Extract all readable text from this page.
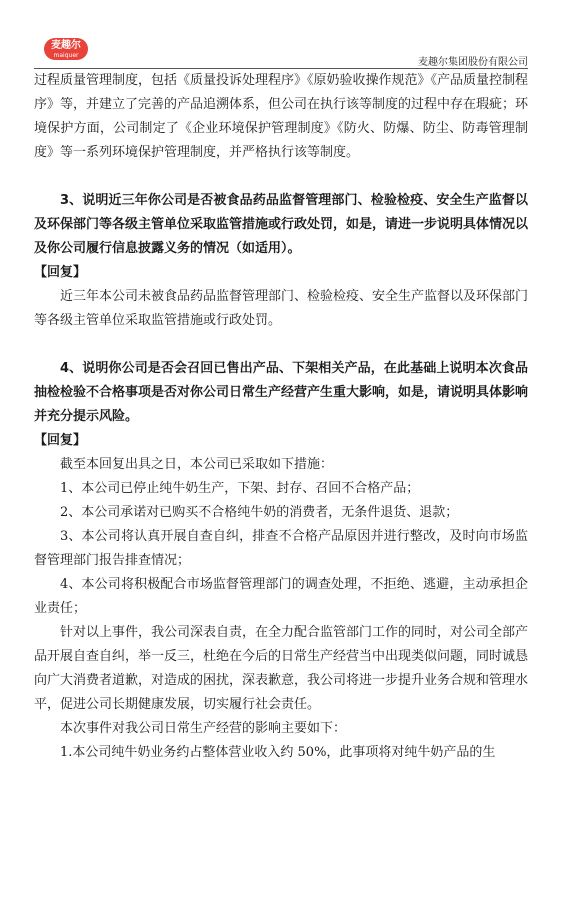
麦趣尔
maiquer
麦趣尔集团股份有限公司

过程质量管理制度，包括《质量投诉处理程序》《原奶验收操作规范》《产品质量控制程序》等，并建立了完善的产品追溯体系，但公司在执行该等制度的过程中存在瑕疵；环境保护方面，公司制定了《企业环境保护管理制度》《防火、防爆、防尘、防毒管理制度》等一系列环境保护管理制度，并严格执行该等制度。

3、说明近三年你公司是否被食品药品监督管理部门、检验检疫、安全生产监督以及环保部门等各级主管单位采取监管措施或行政处罚，如是，请进一步说明具体情况以及你公司履行信息披露义务的情况（如适用）。

【回复】

近三年本公司未被食品药品监督管理部门、检验检疫、安全生产监督以及环保部门等各级主管单位采取监管措施或行政处罚。

4、说明你公司是否会召回已售出产品、下架相关产品，在此基础上说明本次食品抽检检验不合格事项是否对你公司日常生产经营产生重大影响，如是，请说明具体影响并充分提示风险。

【回复】

截至本回复出具之日，本公司已采取如下措施：

1、本公司已停止纯牛奶生产，下架、封存、召回不合格产品；

2、本公司承诺对已购买不合格纯牛奶的消费者，无条件退货、退款；

3、本公司将认真开展自查自纠，排查不合格产品原因并进行整改，及时向市场监督管理部门报告排查情况；

4、本公司将积极配合市场监督管理部门的调查处理，不拒绝、逃避，主动承担企业责任；

针对以上事件，我公司深表自责，在全力配合监管部门工作的同时，对公司全部产品开展自查自纠，举一反三，杜绝在今后的日常生产经营当中出现类似问题，同时诚恳向广大消费者道歉，对造成的困扰，深表歉意，我公司将进一步提升业务合规和管理水平，促进公司长期健康发展，切实履行社会责任。

本次事件对我公司日常生产经营的影响主要如下：

1.本公司纯牛奶业务约占整体营业收入约 50%，此事项将对纯牛奶产品的生
